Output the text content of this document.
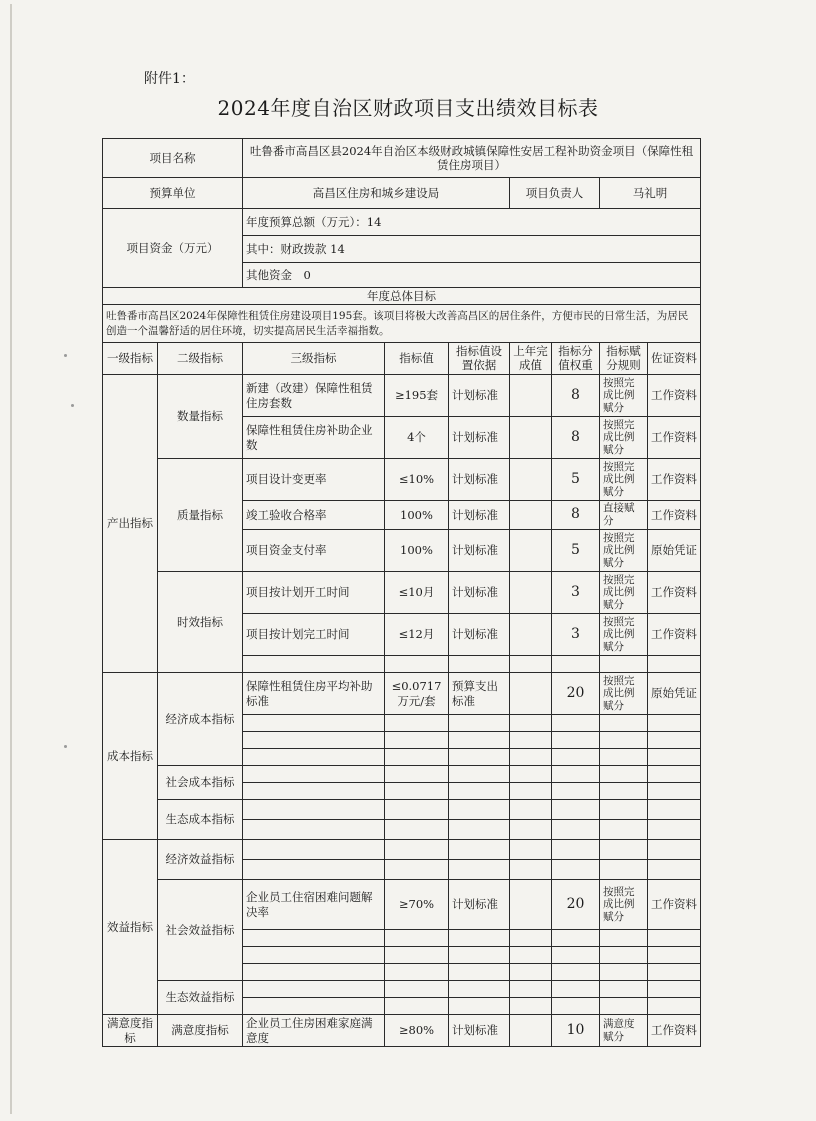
附件1：
2024年度自治区财政项目支出绩效目标表
项目名称		吐鲁番市高昌区县2024年自治区本级财政城镇保障性安居工程补助资金项目（保障性租赁住房项目）						
预算单位		高昌区住房和城乡建设局			项目负责人		马礼明	
项目资金（万元）		年度预算总额（万元）：14						
		其中：财政拨款 14						
		其他资金　0						
年度总体目标								
吐鲁番市高昌区2024年保障性租赁住房建设项目195套。该项目将极大改善高昌区的居住条件，方便市民的日常生活，为居民创造一个温馨舒适的居住环境，切实提高居民生活幸福指数。								
一级指标	二级指标	三级指标	指标值	指标值设置依据	上年完成值	指标分值权重	指标赋分规则	佐证资料
产出指标	数量指标	新建（改建）保障性租赁住房套数	≥195套	计划标准		8	按照完成比例赋分	工作资料
		保障性租赁住房补助企业数	4个	计划标准		8	按照完成比例赋分	工作资料
	质量指标	项目设计变更率	≤10%	计划标准		5	按照完成比例赋分	工作资料
		竣工验收合格率	100%	计划标准		8	直接赋分	工作资料
		项目资金支付率	100%	计划标准		5	按照完成比例赋分	原始凭证
	时效指标	项目按计划开工时间	≤10月	计划标准		3	按照完成比例赋分	工作资料
		项目按计划完工时间	≤12月	计划标准		3	按照完成比例赋分	工作资料

成本指标	经济成本指标	保障性租赁住房平均补助标准	≤0.0717万元/套	预算支出标准		20	按照完成比例赋分	原始凭证

	社会成本指标							

	生态成本指标							

效益指标	经济效益指标							

	社会效益指标	企业员工住宿困难问题解决率	≥70%	计划标准		20	按照完成比例赋分	工作资料

	生态效益指标							

满意度指标	满意度指标	企业员工住房困难家庭满意度	≥80%	计划标准		10	满意度赋分	工作资料
